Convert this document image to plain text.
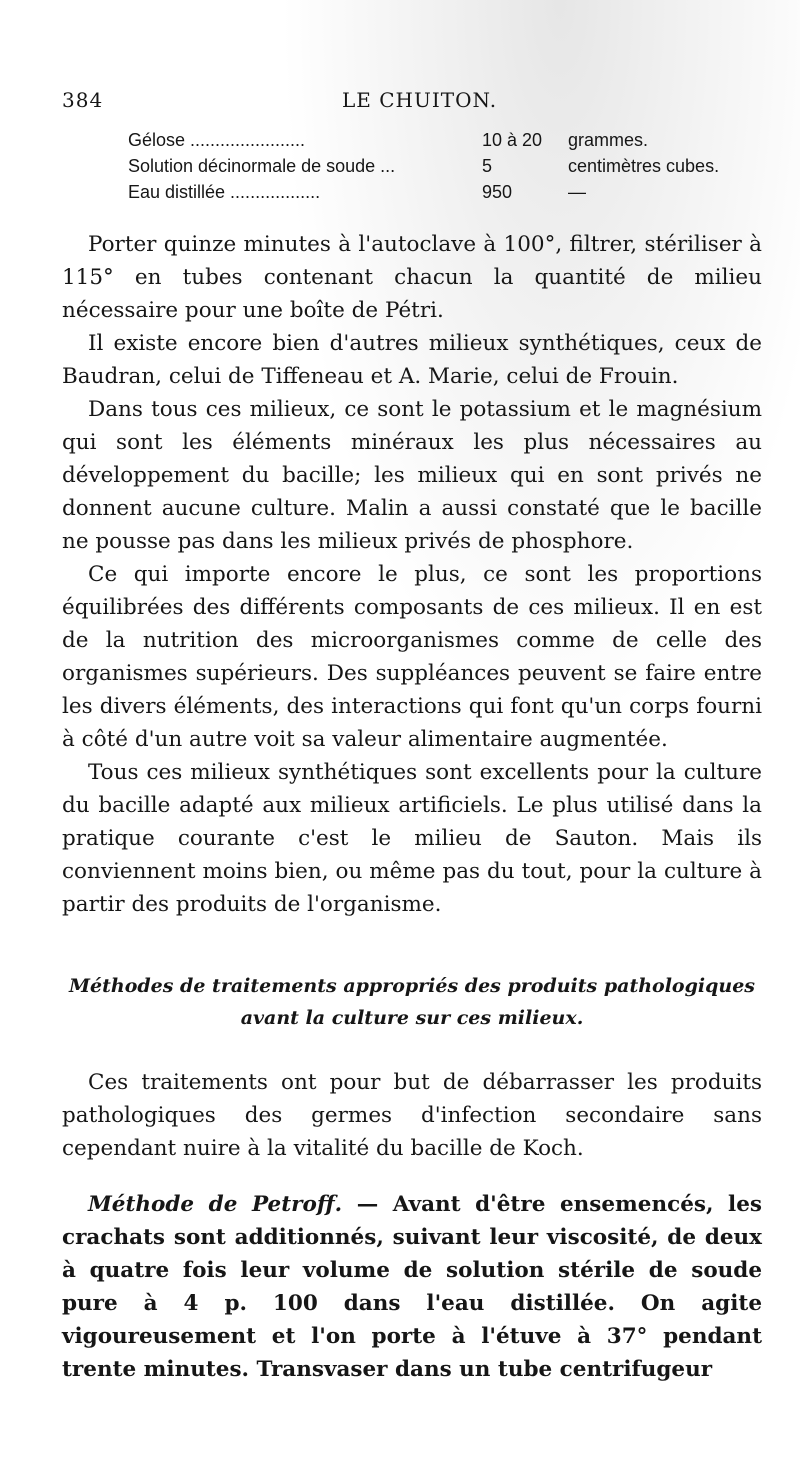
384	LE CHUITON.
Gélose .......................	10 à 20 grammes.
Solution décinormale de soude ...	5	centimètres cubes.
Eau distillée ..................	950	—

Porter quinze minutes à l'autoclave à 100°, filtrer, stériliser à 115° en tubes contenant chacun la quantité de milieu nécessaire pour une boîte de Pétri.

Il existe encore bien d'autres milieux synthétiques, ceux de Baudran, celui de Tiffeneau et A. Marie, celui de Frouin.

Dans tous ces milieux, ce sont le potassium et le magnésium qui sont les éléments minéraux les plus nécessaires au développement du bacille; les milieux qui en sont privés ne donnent aucune culture. Malin a aussi constaté que le bacille ne pousse pas dans les milieux privés de phosphore.

Ce qui importe encore le plus, ce sont les proportions équilibrées des différents composants de ces milieux. Il en est de la nutrition des microorganismes comme de celle des organismes supérieurs. Des suppléances peuvent se faire entre les divers éléments, des interactions qui font qu'un corps fourni à côté d'un autre voit sa valeur alimentaire augmentée.

Tous ces milieux synthétiques sont excellents pour la culture du bacille adapté aux milieux artificiels. Le plus utilisé dans la pratique courante c'est le milieu de Sauton. Mais ils conviennent moins bien, ou même pas du tout, pour la culture à partir des produits de l'organisme.

Méthodes de traitements appropriés des produits pathologiques
avant la culture sur ces milieux.

Ces traitements ont pour but de débarrasser les produits pathologiques des germes d'infection secondaire sans cependant nuire à la vitalité du bacille de Koch.

Méthode de Petroff. — Avant d'être ensemencés, les crachats sont additionnés, suivant leur viscosité, de deux à quatre fois leur volume de solution stérile de soude pure à 4 p. 100 dans l'eau distillée. On agite vigoureusement et l'on porte à l'étuve à 37° pendant trente minutes. Transvaser dans un tube centrifugeur
